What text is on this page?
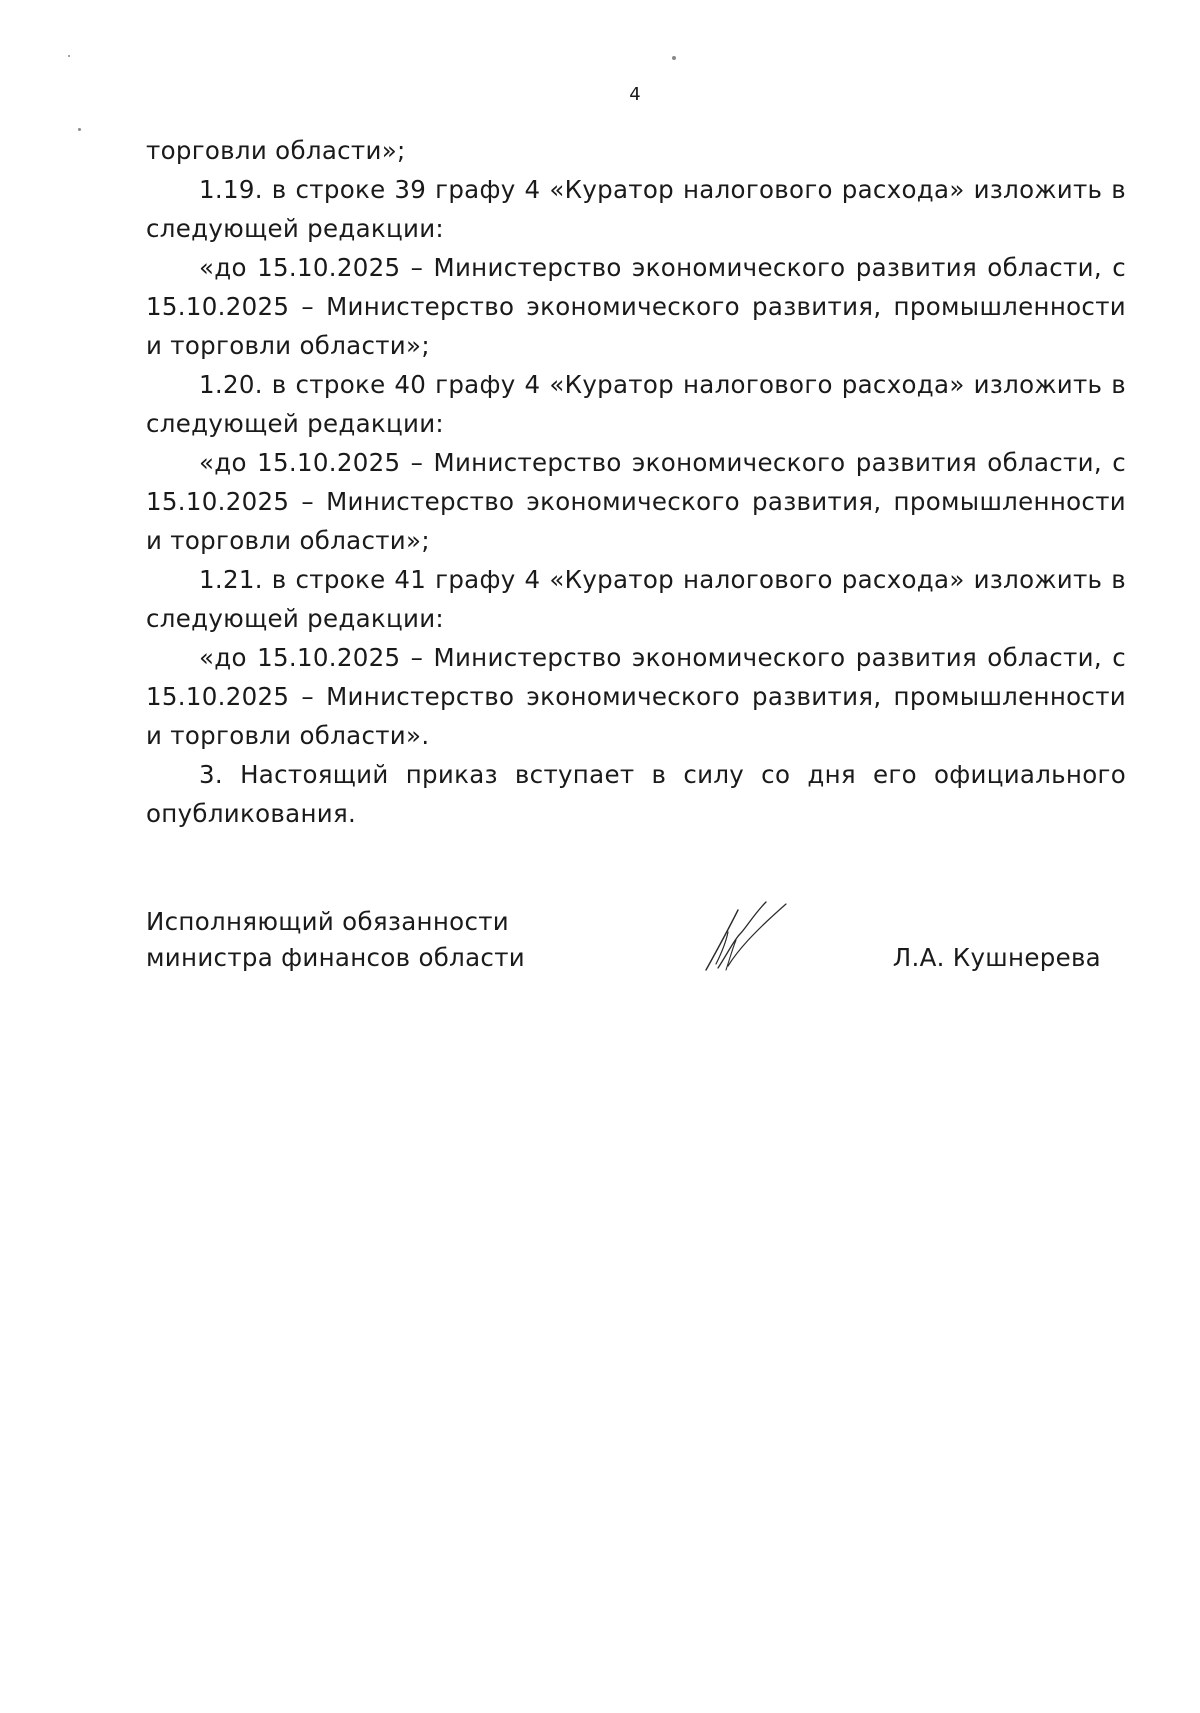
4

торговли области»;

1.19. в строке 39 графу 4 «Куратор налогового расхода» изложить в следующей редакции:

«до 15.10.2025 – Министерство экономического развития области, с 15.10.2025 – Министерство экономического развития, промышленности и торговли области»;

1.20. в строке 40 графу 4 «Куратор налогового расхода» изложить в следующей редакции:

«до 15.10.2025 – Министерство экономического развития области, с 15.10.2025 – Министерство экономического развития, промышленности и торговли области»;

1.21. в строке 41 графу 4 «Куратор налогового расхода» изложить в следующей редакции:

«до 15.10.2025 – Министерство экономического развития области, с 15.10.2025 – Министерство экономического развития, промышленности и торговли области».

3. Настоящий приказ вступает в силу со дня его официального опубликования.

Исполняющий обязанности
министра финансов области	Л.А. Кушнерева
